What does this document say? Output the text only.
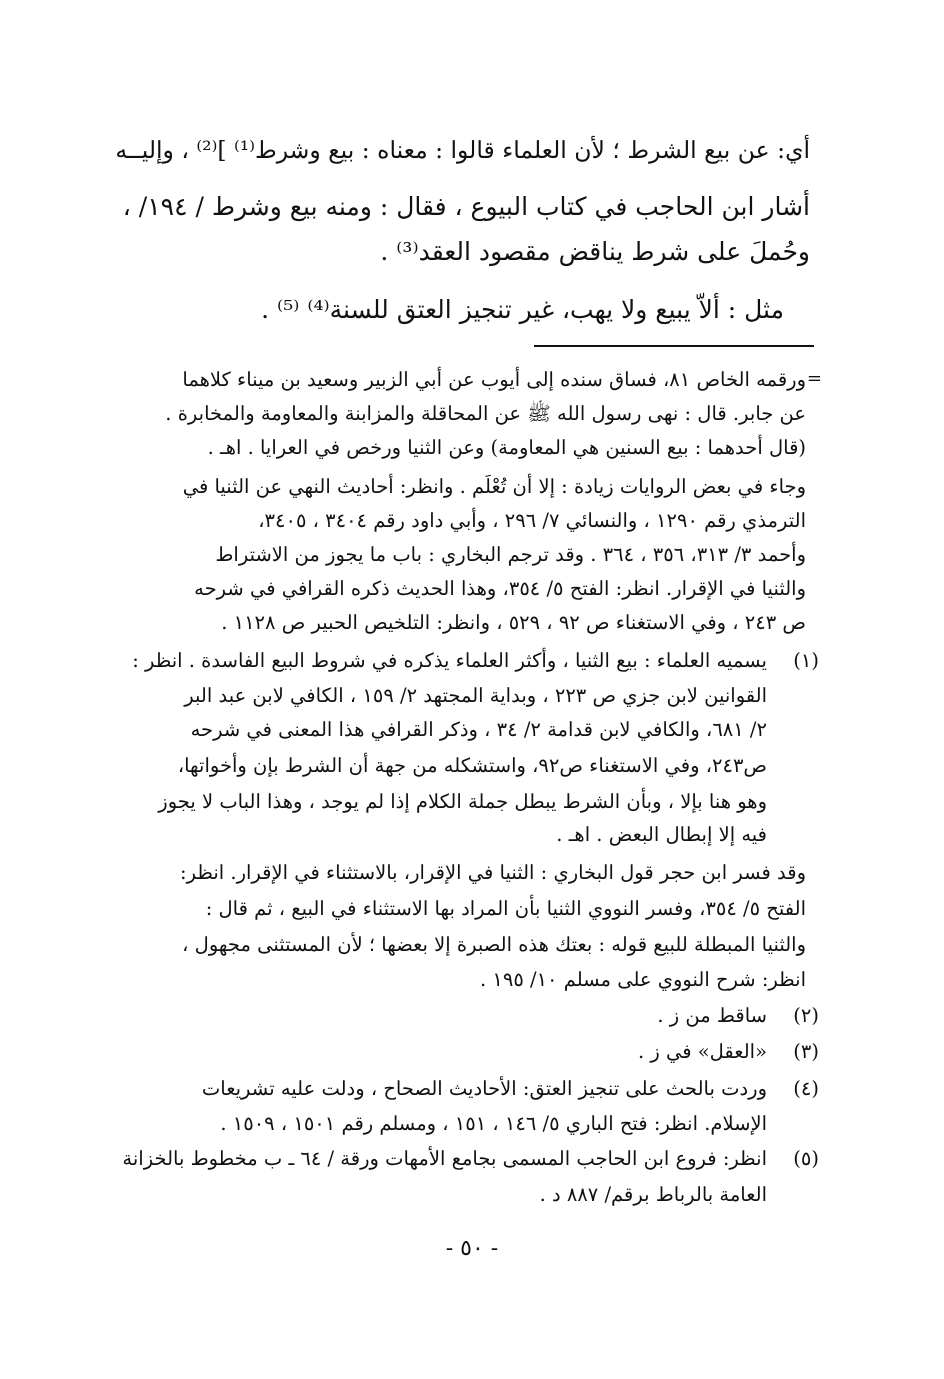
أي: عن بيع الشرط ؛ لأن العلماء قالوا : معناه : بيع وشرط⁽¹⁾ ]⁽²⁾ ، وإليــه
أشار ابن الحاجب في كتاب البيوع ، فقال : ومنه بيع وشرط / ١٩٤/ ،
وحُملَ على شرط يناقض مقصود العقد⁽³⁾ .
مثل : ألاّ يبيع ولا يهب، غير تنجيز العتق للسنة⁽⁴⁾ ⁽⁵⁾ .
=
ورقمه الخاص ٨١، فساق سنده إلى أيوب عن أبي الزبير وسعيد بن ميناء كلاهما
عن جابر. قال : نهى رسول الله ﷺ عن المحاقلة والمزابنة والمعاومة والمخابرة .
(قال أحدهما : بيع السنين هي المعاومة) وعن الثنيا ورخص في العرايا . اهـ .
وجاء في بعض الروايات زيادة : إلا أن تُعْلَم . وانظر: أحاديث النهي عن الثنيا في
الترمذي رقم ١٢٩٠ ، والنسائي ٧/ ٢٩٦ ، وأبي داود رقم ٣٤٠٤ ، ٣٤٠٥،
وأحمد ٣/ ٣١٣، ٣٥٦ ، ٣٦٤ . وقد ترجم البخاري : باب ما يجوز من الاشتراط
والثنيا في الإقرار. انظر: الفتح ٥/ ٣٥٤، وهذا الحديث ذكره القرافي في شرحه
ص ٢٤٣ ، وفي الاستغناء ص ٩٢ ، ٥٢٩ ، وانظر: التلخيص الحبير ص ١١٢٨ .
(١)
يسميه العلماء : بيع الثنيا ، وأكثر العلماء يذكره في شروط البيع الفاسدة . انظر :
القوانين لابن جزي ص ٢٢٣ ، وبداية المجتهد ٢/ ١٥٩ ، الكافي لابن عبد البر
٢/ ٦٨١، والكافي لابن قدامة ٢/ ٣٤ ، وذكر القرافي هذا المعنى في شرحه
ص٢٤٣، وفي الاستغناء ص٩٢، واستشكله من جهة أن الشرط بإن وأخواتها،
وهو هنا بإلا ، وبأن الشرط يبطل جملة الكلام إذا لم يوجد ، وهذا الباب لا يجوز
فيه إلا إبطال البعض . اهـ .
وقد فسر ابن حجر قول البخاري : الثنيا في الإقرار، بالاستثناء في الإقرار. انظر:
الفتح ٥/ ٣٥٤، وفسر النووي الثنيا بأن المراد بها الاستثناء في البيع ، ثم قال :
والثنيا المبطلة للبيع قوله : بعتك هذه الصبرة إلا بعضها ؛ لأن المستثنى مجهول ،
انظر: شرح النووي على مسلم ١٠/ ١٩٥ .
(٢)
ساقط من ز .
(٣)
«العقل» في ز .
(٤)
وردت بالحث على تنجيز العتق: الأحاديث الصحاح ، ودلت عليه تشريعات
الإسلام. انظر: فتح الباري ٥/ ١٤٦ ، ١٥١ ، ومسلم رقم ١٥٠١ ، ١٥٠٩ .
(٥)
انظر: فروع ابن الحاجب المسمى بجامع الأمهات ورقة / ٦٤ ـ ب مخطوط بالخزانة
العامة بالرباط برقم/ ٨٨٧ د .
- ٥٠ -
